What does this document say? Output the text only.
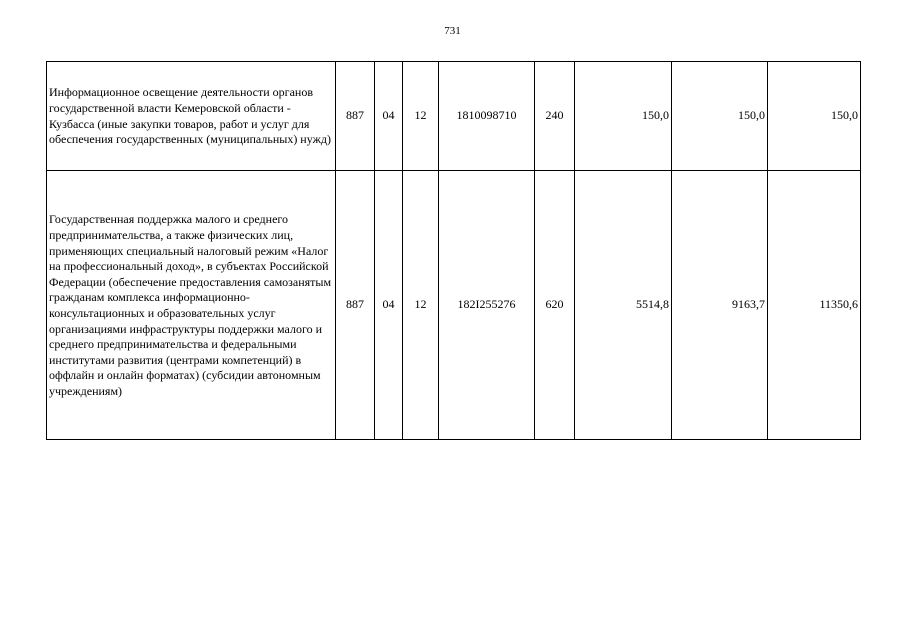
731
Информационное освещение деятельности органов государственной власти Кемеровской области - Кузбасса (иные закупки товаров, работ и услуг для обеспечения государственных (муниципальных) нужд)	887	04	12	1810098710	240	150,0	150,0	150,0
Государственная поддержка малого и среднего предпринимательства, а также физических лиц, применяющих специальный налоговый режим «Налог на профессиональный доход», в субъектах Российской Федерации (обеспечение предоставления самозанятым гражданам комплекса информационно-консультационных и образовательных услуг организациями инфраструктуры поддержки малого и среднего предпринимательства и федеральными институтами развития (центрами компетенций) в оффлайн и онлайн форматах) (субсидии автономным учреждениям)	887	04	12	182I255276	620	5514,8	9163,7	11350,6
